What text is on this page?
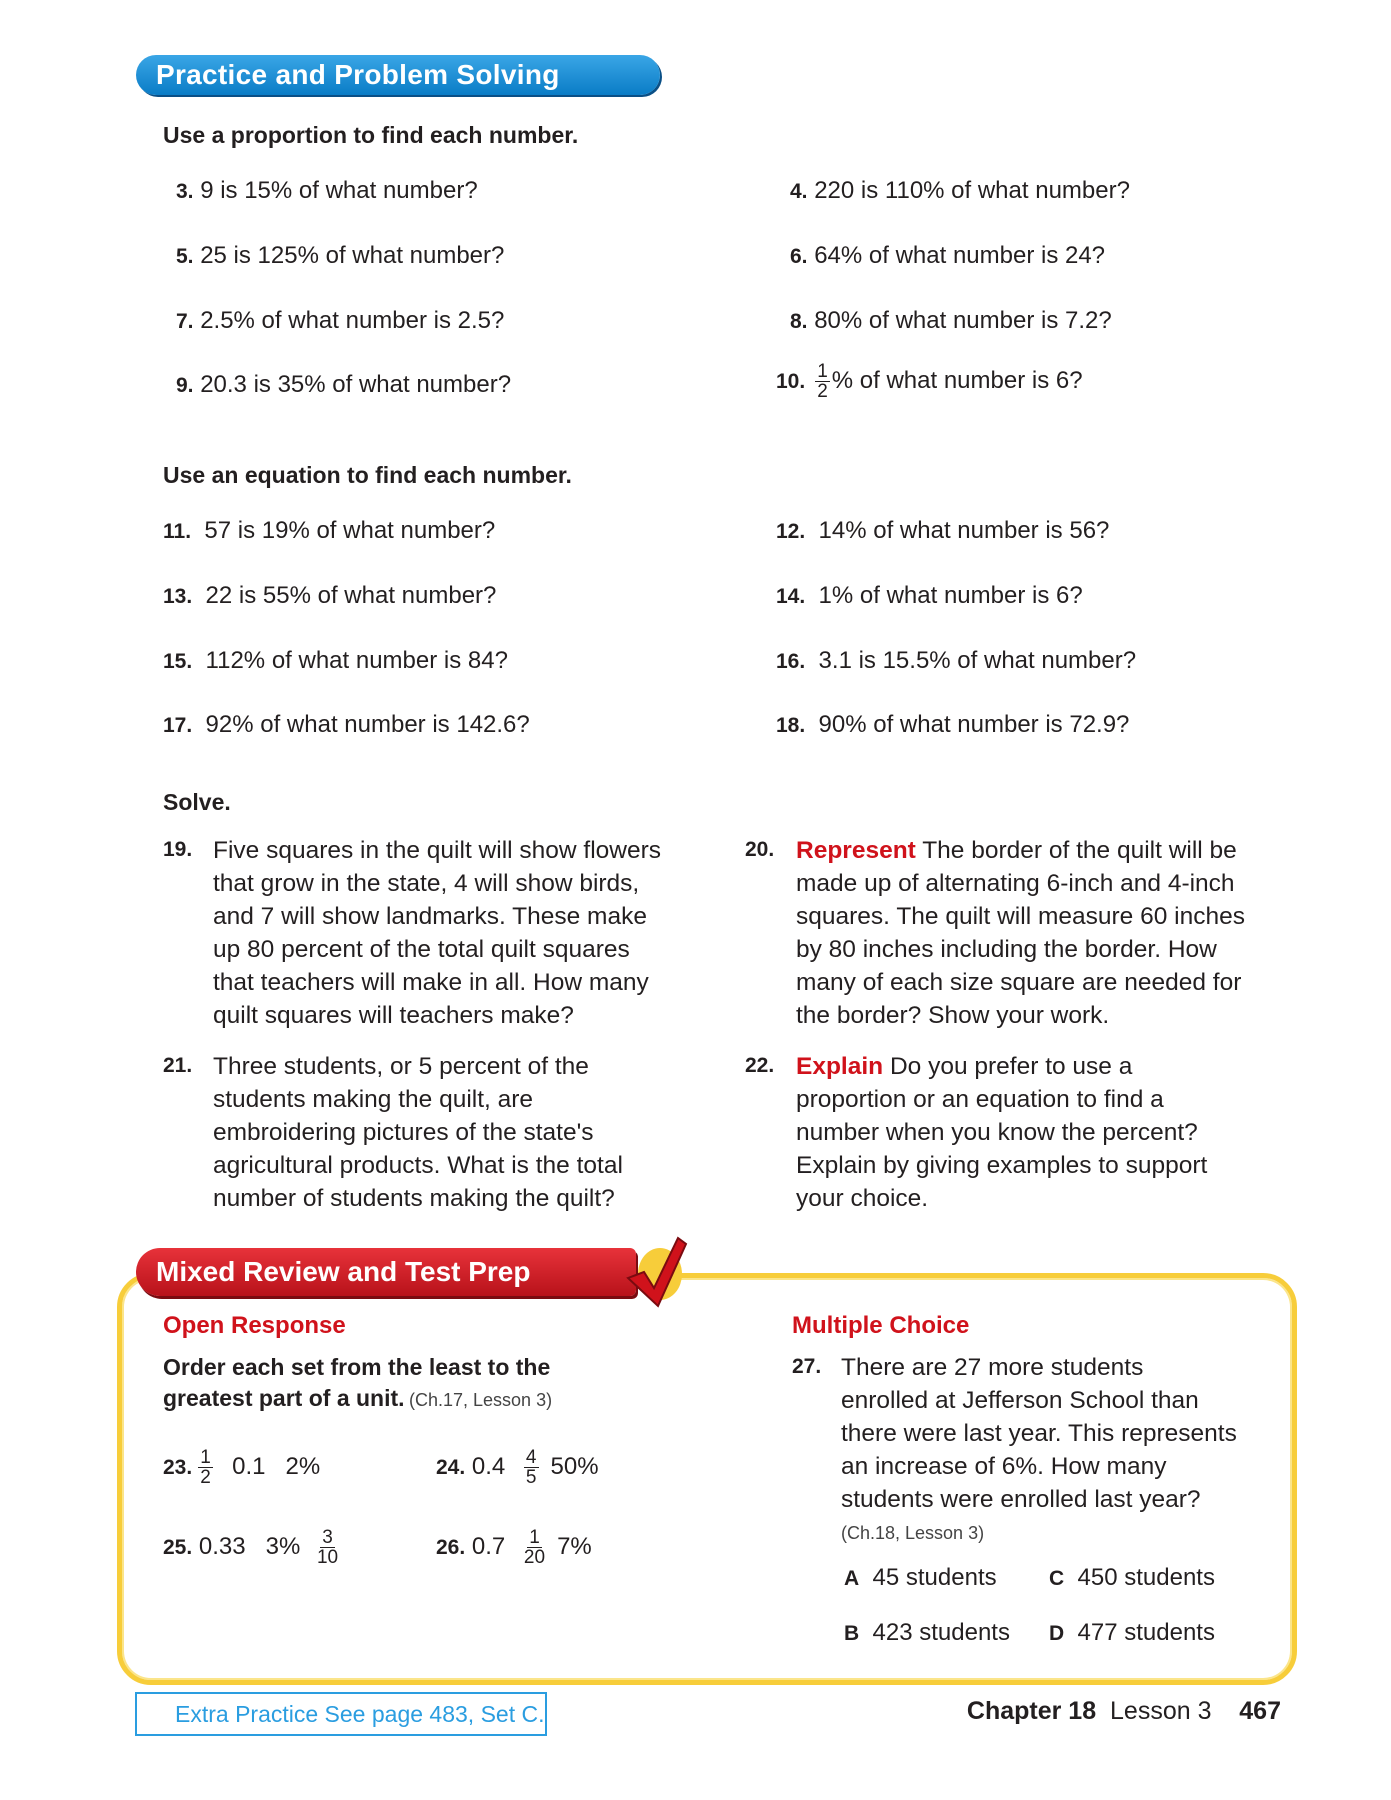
Practice and Problem Solving
Use a proportion to find each number.
3. 9 is 15% of what number?	4. 220 is 110% of what number?
5. 25 is 125% of what number?	6. 64% of what number is 24?
7. 2.5% of what number is 2.5?	8. 80% of what number is 7.2?
9. 20.3 is 35% of what number?	10. $\frac{1}{2}$ % of what number is 6?
Use an equation to find each number.
11. 57 is 19% of what number?	12. 14% of what number is 56?
13. 22 is 55% of what number?	14. 1% of what number is 6?
15. 112% of what number is 84?	16. 3.1 is 15.5% of what number?
17. 92% of what number is 142.6?	18. 90% of what number is 72.9?
Solve.
19. Five squares in the quilt will show flowers
that grow in the state, 4 will show birds,
and 7 will show landmarks. These make
up 80 percent of the total quilt squares
that teachers will make in all. How many
quilt squares will teachers make?
20. Represent The border of the quilt will be
made up of alternating 6-inch and 4-inch
squares. The quilt will measure 60 inches
by 80 inches including the border. How
many of each size square are needed for
the border? Show your work.
21. Three students, or 5 percent of the
students making the quilt, are
embroidering pictures of the state's
agricultural products. What is the total
number of students making the quilt?
22. Explain Do you prefer to use a
proportion or an equation to find a
number when you know the percent?
Explain by giving examples to support
your choice.
Mixed Review and Test Prep
Open Response
Order each set from the least to the
greatest part of a unit. (Ch.17, Lesson 3)
23. $\frac{1}{2} 0.1$ 2%	24. $0.4 \frac{4}{5} 50\%$
25. 0.33 $3\% \frac{3}{10}$	26. $0.7 \frac{1}{20} 7\%$
Multiple Choice
27. There are 27 more students
enrolled at Jefferson School than
there were last year. This represents
an increase of 6%. How many
students were enrolled last year?
(Ch.18, Lesson 3)
A 45 students C 450 students
B 423 students D 477 students
Extra Practice See page 483, Set C.	Chapter 18 Lesson 3 467
